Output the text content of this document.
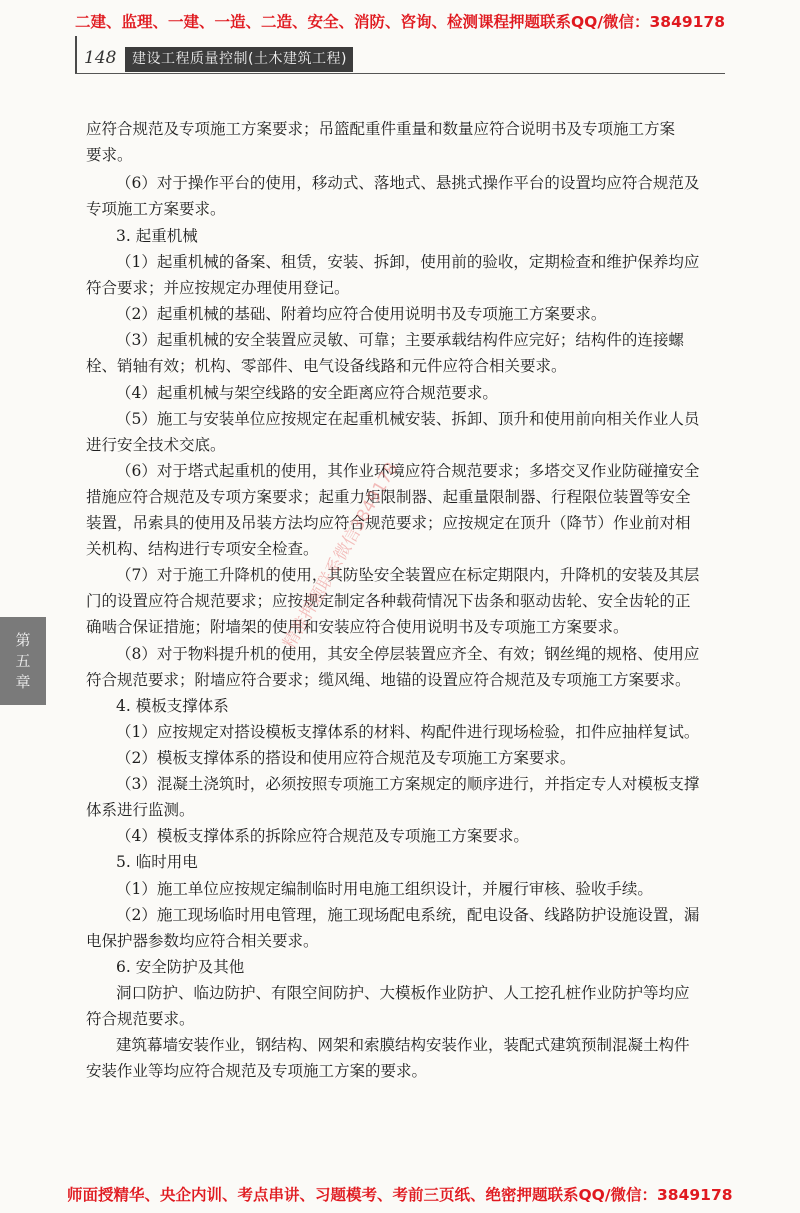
二建、监理、一建、一造、二造、安全、消防、咨询、检测课程押题联系QQ/微信：3849178
148	建设工程质量控制(土木建筑工程)
第五章
应符合规范及专项施工方案要求；吊篮配重件重量和数量应符合说明书及专项施工方案
要求。
（6）对于操作平台的使用，移动式、落地式、悬挑式操作平台的设置均应符合规范及
专项施工方案要求。
3. 起重机械
（1）起重机械的备案、租赁，安装、拆卸，使用前的验收，定期检查和维护保养均应
符合要求；并应按规定办理使用登记。
（2）起重机械的基础、附着均应符合使用说明书及专项施工方案要求。
（3）起重机械的安全装置应灵敏、可靠；主要承载结构件应完好；结构件的连接螺
栓、销轴有效；机构、零部件、电气设备线路和元件应符合相关要求。
（4）起重机械与架空线路的安全距离应符合规范要求。
（5）施工与安装单位应按规定在起重机械安装、拆卸、顶升和使用前向相关作业人员
进行安全技术交底。
（6）对于塔式起重机的使用，其作业环境应符合规范要求；多塔交叉作业防碰撞安全
措施应符合规范及专项方案要求；起重力矩限制器、起重量限制器、行程限位装置等安全
装置，吊索具的使用及吊装方法均应符合规范要求；应按规定在顶升（降节）作业前对相
关机构、结构进行专项安全检查。
（7）对于施工升降机的使用，其防坠安全装置应在标定期限内，升降机的安装及其层
门的设置应符合规范要求；应按规定制定各种载荷情况下齿条和驱动齿轮、安全齿轮的正
确啮合保证措施；附墙架的使用和安装应符合使用说明书及专项施工方案要求。
（8）对于物料提升机的使用，其安全停层装置应齐全、有效；钢丝绳的规格、使用应
符合规范要求；附墙应符合要求；缆风绳、地锚的设置应符合规范及专项施工方案要求。
4. 模板支撑体系
（1）应按规定对搭设模板支撑体系的材料、构配件进行现场检验，扣件应抽样复试。
（2）模板支撑体系的搭设和使用应符合规范及专项施工方案要求。
（3）混凝土浇筑时，必须按照专项施工方案规定的顺序进行，并指定专人对模板支撑
体系进行监测。
（4）模板支撑体系的拆除应符合规范及专项施工方案要求。
5. 临时用电
（1）施工单位应按规定编制临时用电施工组织设计，并履行审核、验收手续。
（2）施工现场临时用电管理，施工现场配电系统，配电设备、线路防护设施设置，漏
电保护器参数均应符合相关要求。
6. 安全防护及其他
洞口防护、临边防护、有限空间防护、大模板作业防护、人工挖孔桩作业防护等均应
符合规范要求。
建筑幕墙安装作业，钢结构、网架和索膜结构安装作业，装配式建筑预制混凝土构件
安装作业等均应符合规范及专项施工方案的要求。
精准押题联系微信3849178
师面授精华、央企内训、考点串讲、习题模考、考前三页纸、绝密押题联系QQ/微信：3849178
